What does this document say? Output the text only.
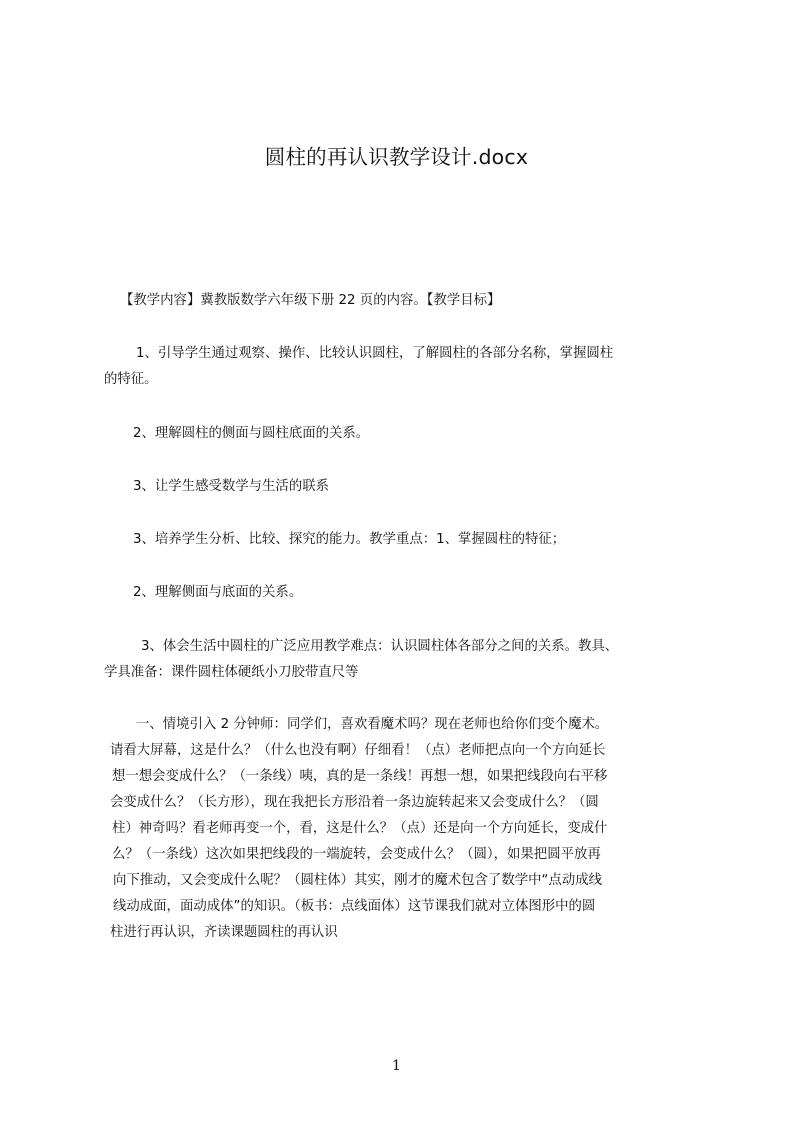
圆柱的再认识教学设计.docx
【教学内容】冀教版数学六年级下册 22 页的内容。【教学目标】
1、引导学生通过观察、操作、比较认识圆柱，了解圆柱的各部分名称，掌握圆柱
的特征。
2、理解圆柱的侧面与圆柱底面的关系。
3、让学生感受数学与生活的联系
3、培养学生分析、比较、探究的能力。教学重点：1、掌握圆柱的特征；
2、理解侧面与底面的关系。
3、体会生活中圆柱的广泛应用教学难点：认识圆柱体各部分之间的关系。教具、
学具准备：课件圆柱体硬纸小刀胶带直尺等
一、情境引入 2 分钟师：同学们，喜欢看魔术吗？现在老师也给你们变个魔术。
请看大屏幕，这是什么？（什么也没有啊）仔细看！（点）老师把点向一个方向延长
想一想会变成什么？（一条线）咦，真的是一条线！再想一想，如果把线段向右平移
会变成什么？（长方形），现在我把长方形沿着一条边旋转起来又会变成什么？（圆
柱）神奇吗？看老师再变一个，看，这是什么？（点）还是向一个方向延长，变成什
么？（一条线）这次如果把线段的一端旋转，会变成什么？（圆），如果把圆平放再
向下推动，又会变成什么呢？（圆柱体）其实，刚才的魔术包含了数学中“点动成线
线动成面，面动成体”的知识。（板书：点线面体）这节课我们就对立体图形中的圆
柱进行再认识，齐读课题圆柱的再认识
1
